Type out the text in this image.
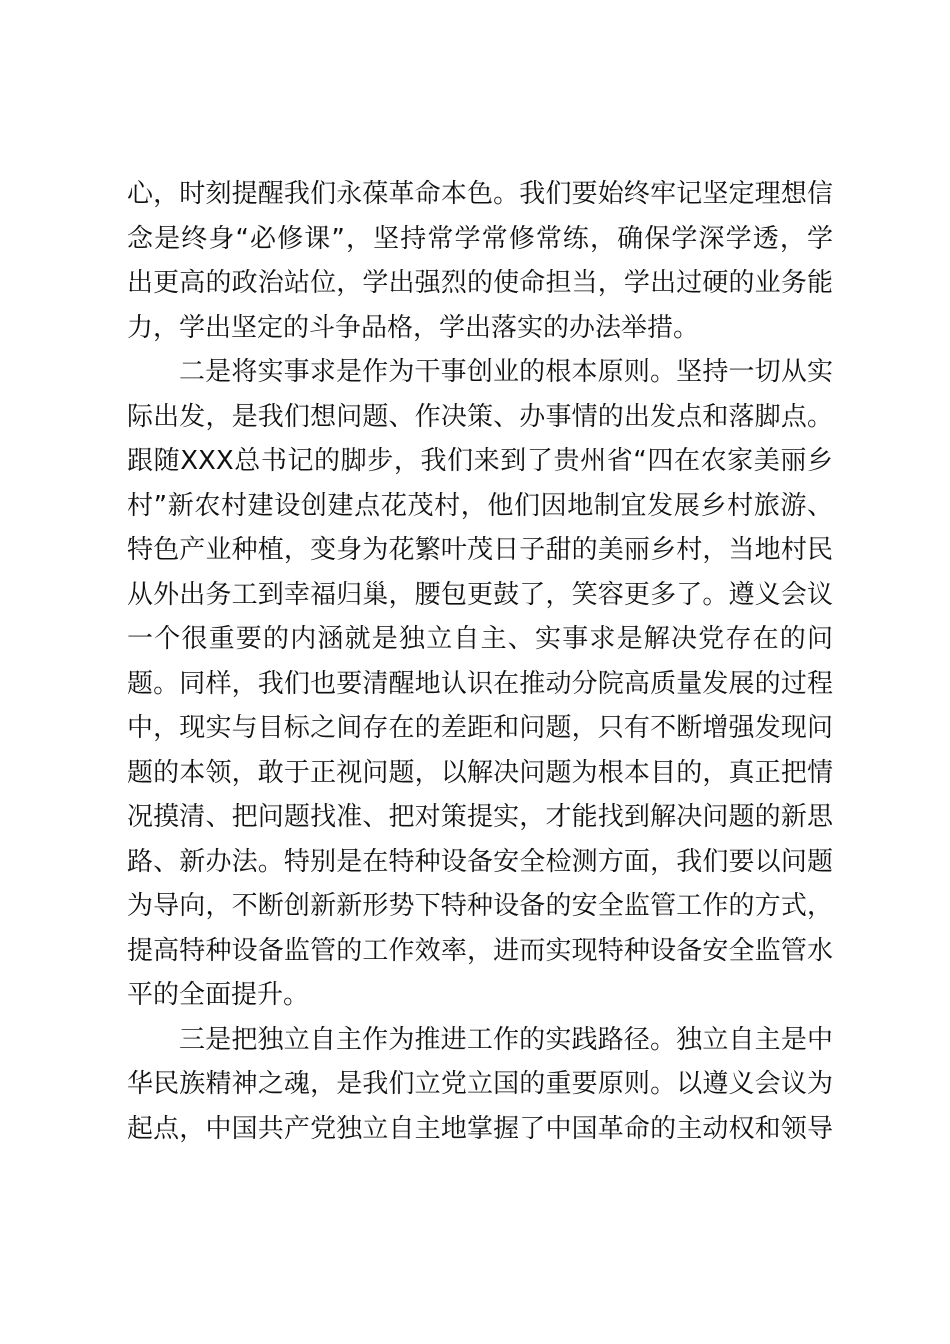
心，时刻提醒我们永葆革命本色。我们要始终牢记坚定理想信
念是终身“必修课”，坚持常学常修常练，确保学深学透，学
出更高的政治站位，学出强烈的使命担当，学出过硬的业务能
力，学出坚定的斗争品格，学出落实的办法举措。
二是将实事求是作为干事创业的根本原则。坚持一切从实
际出发，是我们想问题、作决策、办事情的出发点和落脚点。
跟随XXX总书记的脚步，我们来到了贵州省“四在农家美丽乡
村”新农村建设创建点花茂村，他们因地制宜发展乡村旅游、
特色产业种植，变身为花繁叶茂日子甜的美丽乡村，当地村民
从外出务工到幸福归巢，腰包更鼓了，笑容更多了。遵义会议
一个很重要的内涵就是独立自主、实事求是解决党存在的问
题。同样，我们也要清醒地认识在推动分院高质量发展的过程
中，现实与目标之间存在的差距和问题，只有不断增强发现问
题的本领，敢于正视问题，以解决问题为根本目的，真正把情
况摸清、把问题找准、把对策提实，才能找到解决问题的新思
路、新办法。特别是在特种设备安全检测方面，我们要以问题
为导向，不断创新新形势下特种设备的安全监管工作的方式，
提高特种设备监管的工作效率，进而实现特种设备安全监管水
平的全面提升。
三是把独立自主作为推进工作的实践路径。独立自主是中
华民族精神之魂，是我们立党立国的重要原则。以遵义会议为
起点，中国共产党独立自主地掌握了中国革命的主动权和领导
